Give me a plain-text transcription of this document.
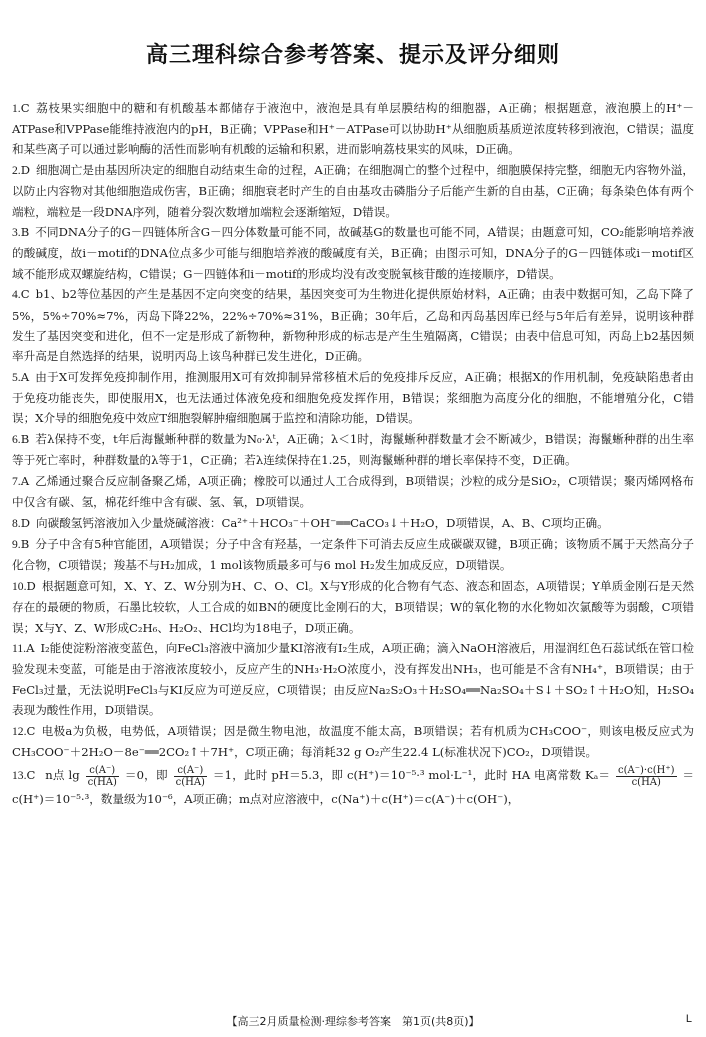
高三理科综合参考答案、提示及评分细则
1.C 荔枝果实细胞中的糖和有机酸基本都储存于液泡中，液泡是具有单层膜结构的细胞器，A正确；根据题意，液泡膜上的H⁺－ATPase和VPPase能维持液泡内的pH，B正确；VPPase和H⁺－ATPase可以协助H⁺从细胞质基质逆浓度转移到液泡，C错误；温度和某些离子可以通过影响酶的活性而影响有机酸的运输和积累，进而影响荔枝果实的风味，D正确。
2.D 细胞凋亡是由基因所决定的细胞自动结束生命的过程，A正确；在细胞凋亡的整个过程中，细胞膜保持完整，细胞无内容物外溢，以防止内容物对其他细胞造成伤害，B正确；细胞衰老时产生的自由基攻击磷脂分子后能产生新的自由基，C正确；每条染色体有两个端粒，端粒是一段DNA序列，随着分裂次数增加端粒会逐渐缩短，D错误。
3.B 不同DNA分子的G－四链体所含G－四分体数量可能不同，故碱基G的数量也可能不同，A错误；由题意可知，CO₂能影响培养液的酸碱度，故i－motif的DNA位点多少可能与细胞培养液的酸碱度有关，B正确；由图示可知，DNA分子的G－四链体或i－motif区域不能形成双螺旋结构，C错误；G－四链体和i－motif的形成均没有改变脱氧核苷酸的连接顺序，D错误。
4.C b1、b2等位基因的产生是基因不定向突变的结果，基因突变可为生物进化提供原始材料，A正确；由表中数据可知，乙岛下降了5%，5%÷70%≈7%，丙岛下降22%，22%÷70%≈31%，B正确；30年后，乙岛和丙岛基因库已经与5年后有差异，说明该种群发生了基因突变和进化，但不一定是形成了新物种，新物种形成的标志是产生生殖隔离，C错误；由表中信息可知，丙岛上b2基因频率升高是自然选择的结果，说明丙岛上该鸟种群已发生进化，D正确。
5.A 由于X可发挥免疫抑制作用，推测服用X可有效抑制异常移植术后的免疫排斥反应，A正确；根据X的作用机制，免疫缺陷患者由于免疫功能丧失，即使服用X，也无法通过体液免疫和细胞免疫发挥作用，B错误；浆细胞为高度分化的细胞，不能增殖分化，C错误；X介导的细胞免疫中效应T细胞裂解肿瘤细胞属于监控和清除功能，D错误。
6.B 若λ保持不变，t年后海鬣蜥种群的数量为N₀·λᵗ，A正确；λ＜1时，海鬣蜥种群数量才会不断减少，B错误；海鬣蜥种群的出生率等于死亡率时，种群数量的λ等于1，C正确；若λ连续保持在1.25，则海鬣蜥种群的增长率保持不变，D正确。
7.A 乙烯通过聚合反应制备聚乙烯，A项正确；橡胶可以通过人工合成得到，B项错误；沙粒的成分是SiO₂，C项错误；聚丙烯网格布中仅含有碳、氢，棉花纤维中含有碳、氢、氧，D项错误。
8.D 向碳酸氢钙溶液加入少量烧碱溶液：Ca²⁺＋HCO₃⁻＋OH⁻══CaCO₃↓＋H₂O，D项错误，A、B、C项均正确。
9.B 分子中含有5种官能团，A项错误；分子中含有羟基，一定条件下可消去反应生成碳碳双键，B项正确；该物质不属于天然高分子化合物，C项错误；羧基不与H₂加成，1 mol该物质最多可与6 mol H₂发生加成反应，D项错误。
10.D 根据题意可知，X、Y、Z、W分别为H、C、O、Cl。X与Y形成的化合物有气态、液态和固态，A项错误；Y单质金刚石是天然存在的最硬的物质，石墨比较软，人工合成的如BN的硬度比金刚石的大，B项错误；W的氧化物的水化物如次氯酸等为弱酸，C项错误；X与Y、Z、W形成C₂H₆、H₂O₂、HCl均为18电子，D项正确。
11.A I₂能使淀粉溶液变蓝色，向FeCl₃溶液中滴加少量KI溶液有I₂生成，A项正确；滴入NaOH溶液后，用湿润红色石蕊试纸在管口检验发现未变蓝，可能是由于溶液浓度较小，反应产生的NH₃·H₂O浓度小，没有挥发出NH₃，也可能是不含有NH₄⁺，B项错误；由于FeCl₃过量，无法说明FeCl₃与KI反应为可逆反应，C项错误；由反应Na₂S₂O₃＋H₂SO₄══Na₂SO₄＋S↓＋SO₂↑＋H₂O知，H₂SO₄表现为酸性作用，D项错误。
12.C 电极a为负极，电势低，A项错误；因是微生物电池，故温度不能太高，B项错误；若有机质为CH₃COO⁻，则该电极反应式为CH₃COO⁻＋2H₂O－8e⁻══2CO₂↑＋7H⁺，C项正确；每消耗32 g O₂产生22.4 L(标准状况下)CO₂，D项错误。
13.C n点 $\lg \frac{c(A^-)}{c(HA)} =0$，即 $\frac{c(A^-)}{c(HA)} =1$，此时 pH＝5.3，即 c(H⁺)＝10⁻⁵·³ mol·L⁻¹，此时 HA 电离常数 $K_a= \frac{c(A^-)\cdot c(H^+)}{c(HA)} =c(H^+)=10^{-5}\cdot^3$，数量级为10⁻⁶，A项正确；m点对应溶液中，c(Na⁺)＋c(H⁺)＝c(A⁻)＋c(OH⁻)，
【高三2月质量检测·理综参考答案　第1页(共8页)】	L
